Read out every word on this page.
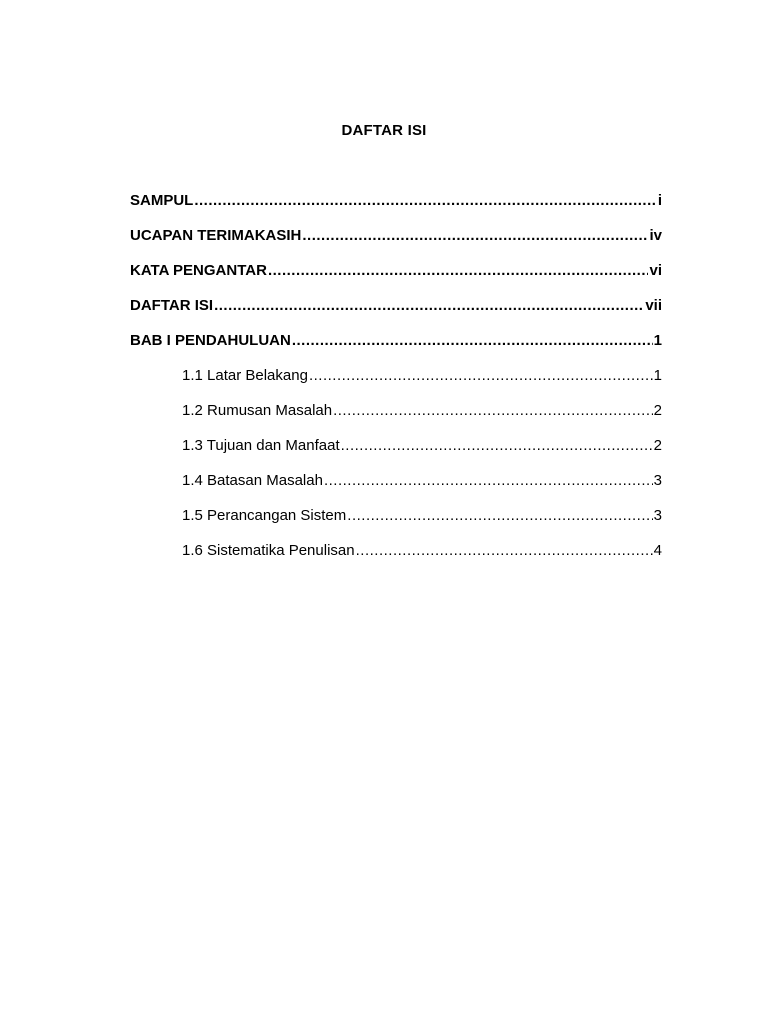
DAFTAR ISI
SAMPUL .....	i
UCAPAN TERIMAKASIH .....	iv
KATA PENGANTAR .....	vi
DAFTAR ISI .....	vii
BAB I PENDAHULUAN .....	1
1.1 Latar Belakang .....	1
1.2 Rumusan Masalah .....	2
1.3 Tujuan dan Manfaat .....	2
1.4 Batasan Masalah .....	3
1.5 Perancangan Sistem .....	3
1.6 Sistematika Penulisan .....	4
